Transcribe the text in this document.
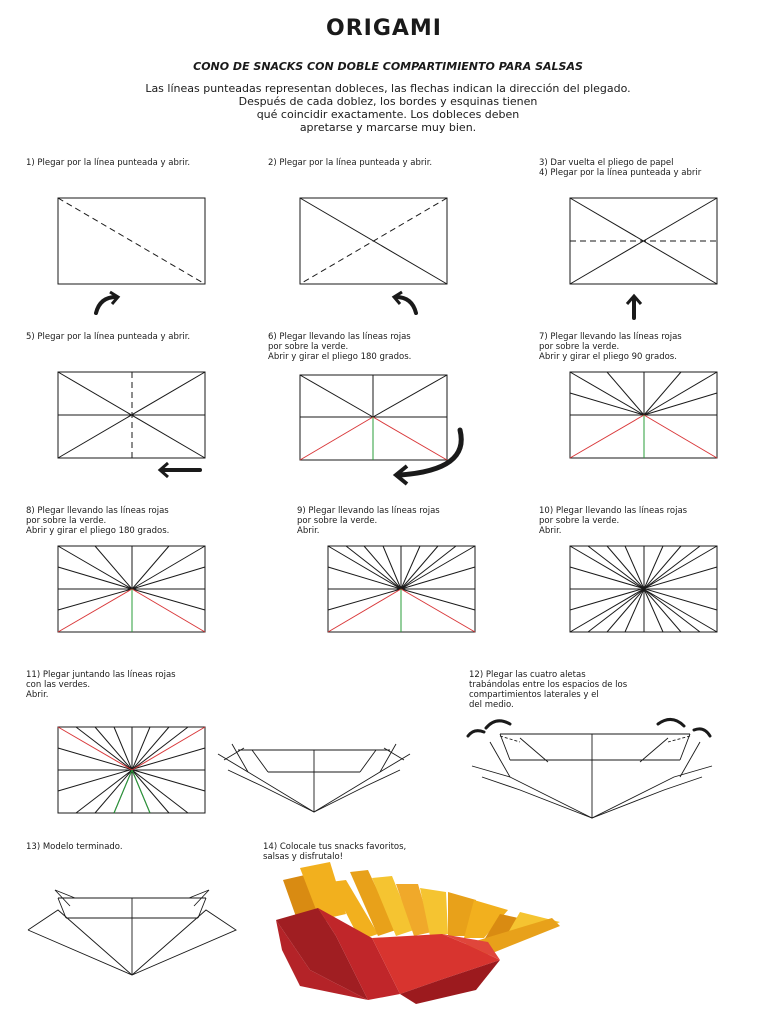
ORIGAMI
CONO DE SNACKS CON DOBLE COMPARTIMIENTO PARA SALSAS
Las líneas punteadas representan dobleces, las flechas indican la dirección del plegado.
Después de cada doblez, los bordes y esquinas tienen
qué coincidir exactamente. Los dobleces deben
apretarse y marcarse muy bien.
1) Plegar por la línea punteada y abrir.	2) Plegar por la línea punteada y abrir.	3) Dar vuelta el pliego de papel
4) Plegar por la línea punteada y abrir
5) Plegar por la línea punteada y abrir.	6) Plegar llevando las líneas rojas
por sobre la verde.
Abrir y girar el pliego 180 grados.
7) Plegar llevando las líneas rojas
por sobre la verde.
Abrir y girar el pliego 90 grados.
8) Plegar llevando las líneas rojas
por sobre la verde.
Abrir y girar el pliego 180 grados.
9) Plegar llevando las líneas rojas
por sobre la verde.
Abrir.
10) Plegar llevando las líneas rojas
por sobre la verde.
Abrir.
11) Plegar juntando las líneas rojas
con las verdes.
Abrir.
12) Plegar las cuatro aletas
trabándolas entre los espacios de los
compartimientos laterales y el
del medio.
13) Modelo terminado.	14) Colocale tus snacks favoritos,
salsas y disfrutalo!
